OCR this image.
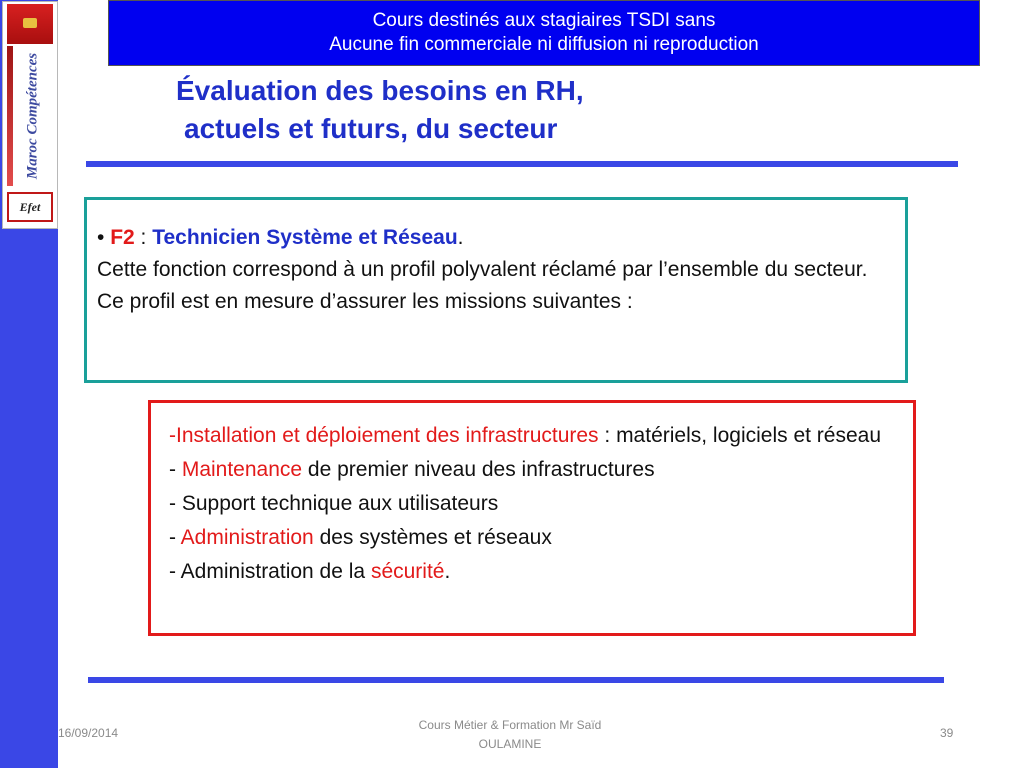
Maroc Compétences
Efet
Cours destinés aux stagiaires TSDI sans
Aucune fin commerciale ni diffusion ni reproduction
Évaluation des besoins en RH,
actuels et futurs, du secteur
• F2 : Technicien Système et Réseau.
Cette fonction correspond à un profil polyvalent réclamé par l’ensemble du secteur. Ce profil est en mesure d’assurer les missions suivantes :
-Installation et déploiement des infrastructures : matériels, logiciels et réseau
- Maintenance de premier niveau des infrastructures
- Support technique aux utilisateurs
- Administration des systèmes et réseaux
- Administration de la sécurité.
16/09/2014
Cours Métier & Formation Mr Saïd
OULAMINE
39
